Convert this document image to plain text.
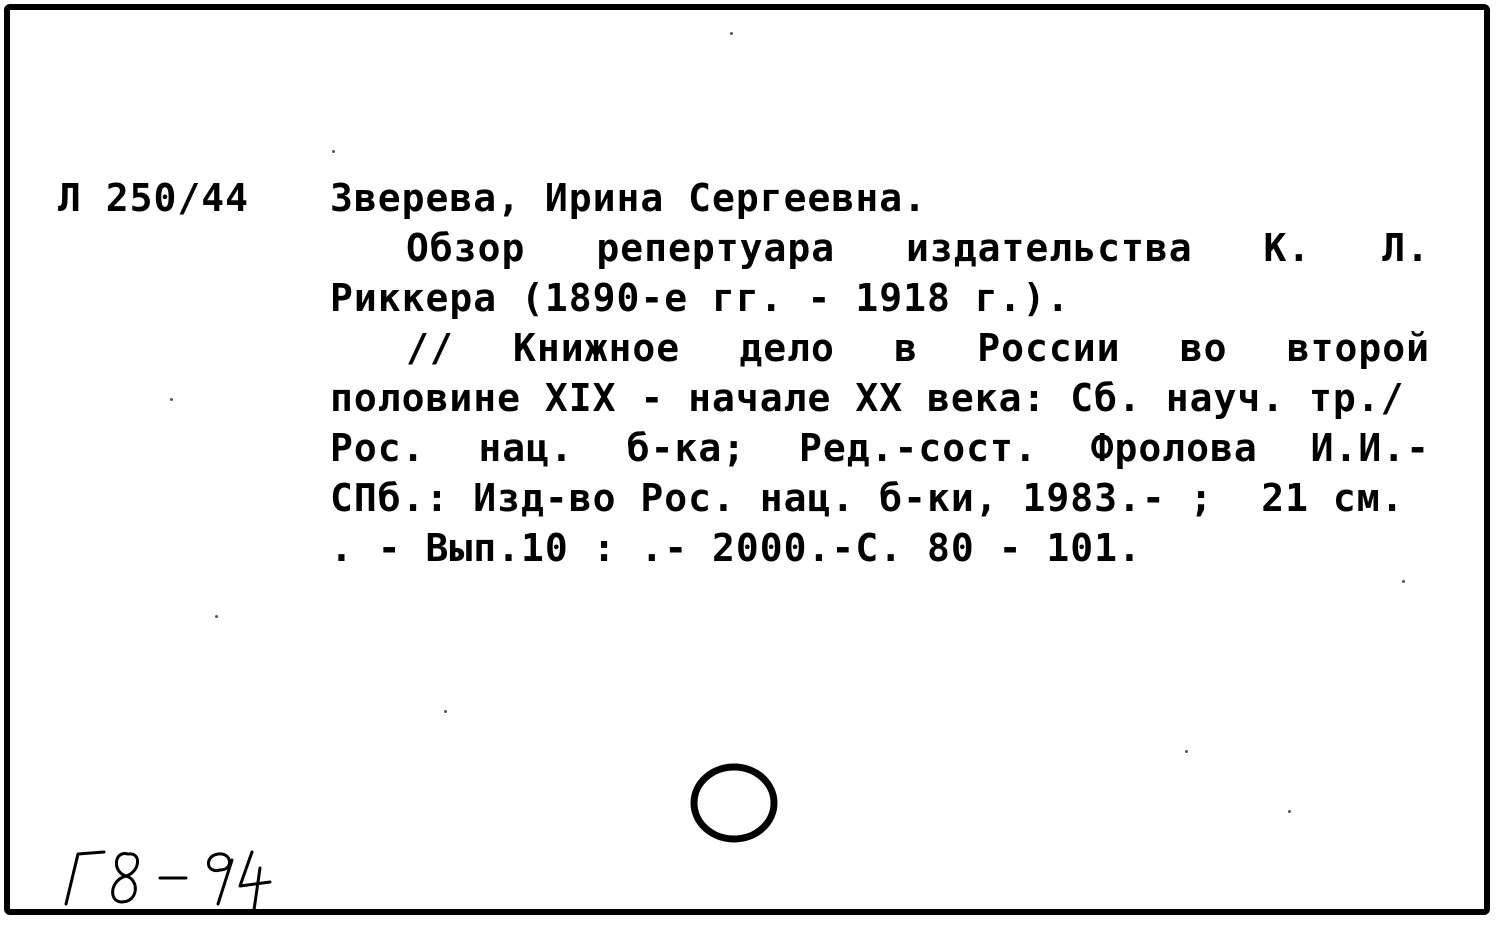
Л 250/44 Зверева, Ирина Сергеевна.
Обзор репертуара издательства К. Л.
Риккера (1890-е гг. - 1918 г.).
// Книжное дело в России во второй
половине XIX - начале XX века: Сб. науч. тр./
Рос. нац. б-ка; Ред.-сост. Фролова И.И.-
СПб.: Изд-во Рос. нац. б-ки, 1983.- ;  21 см.
. - Вып.10 : .- 2000.-С. 80 - 101.
